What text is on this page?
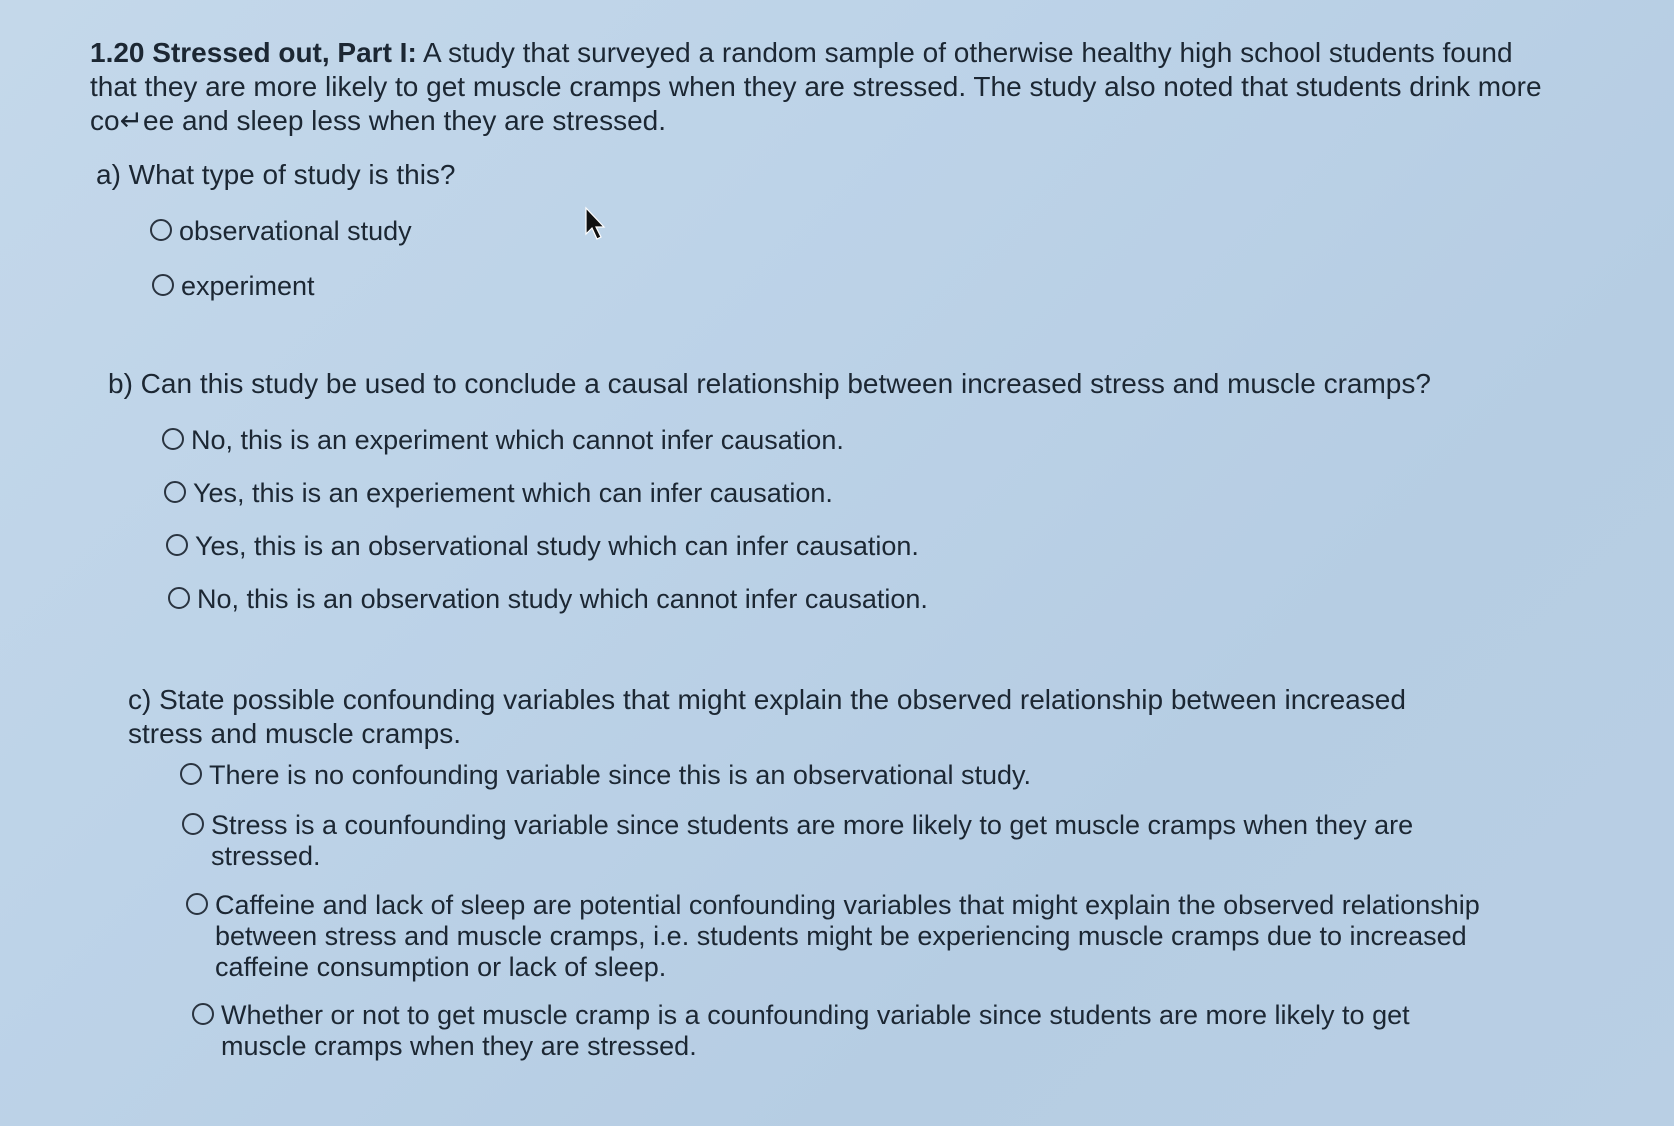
1.20 Stressed out, Part I: A study that surveyed a random sample of otherwise healthy high school students found that they are more likely to get muscle cramps when they are stressed. The study also noted that students drink more co↵ee and sleep less when they are stressed.
a) What type of study is this?
observational study
experiment
b) Can this study be used to conclude a causal relationship between increased stress and muscle cramps?
No, this is an experiment which cannot infer causation.
Yes, this is an experiement which can infer causation.
Yes, this is an observational study which can infer causation.
No, this is an observation study which cannot infer causation.
c) State possible confounding variables that might explain the observed relationship between increased stress and muscle cramps.
There is no confounding variable since this is an observational study.
Stress is a counfounding variable since students are more likely to get muscle cramps when they are stressed.
Caffeine and lack of sleep are potential confounding variables that might explain the observed relationship between stress and muscle cramps, i.e. students might be experiencing muscle cramps due to increased caffeine consumption or lack of sleep.
Whether or not to get muscle cramp is a counfounding variable since students are more likely to get muscle cramps when they are stressed.
